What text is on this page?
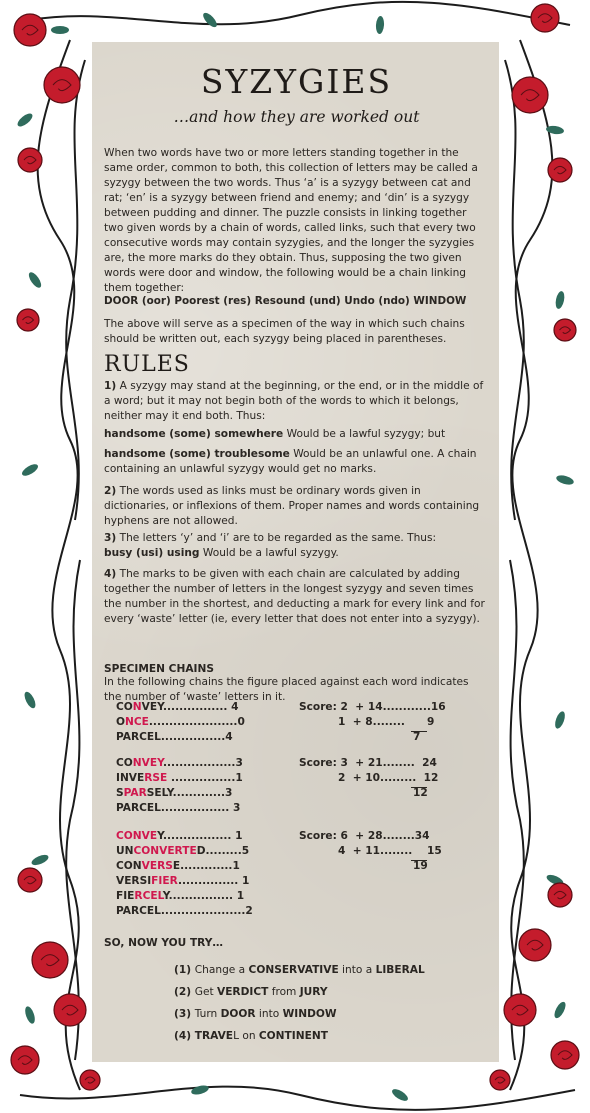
SYZYGIES
…and how they are worked out

When two words have two or more letters standing together in the same order, common to both, this collection of letters may be called a syzygy between the two words. Thus ‘a’ is a syzygy between cat and rat; ‘en’ is a syzygy between friend and enemy; and ‘din’ is a syzygy between pudding and dinner. The puzzle consists in linking together two given words by a chain of words, called links, such that every two consecutive words may contain syzygies, and the longer the syzygies are, the more marks do they obtain. Thus, supposing the two given words were door and window, the following would be a chain linking them together:

DOOR (oor) Poorest (res) Resound (und) Undo (ndo) WINDOW

The above will serve as a specimen of the way in which such chains should be written out, each syzygy being placed in parentheses.

RULES

1) A syzygy may stand at the beginning, or the end, or in the middle of a word; but it may not begin both of the words to which it belongs, neither may it end both. Thus:

handsome (some) somewhere Would be a lawful syzygy; but

handsome (some) troublesome Would be an unlawful one. A chain containing an unlawful syzygy would get no marks.

2) The words used as links must be ordinary words given in dictionaries, or inflexions of them. Proper names and words containing hyphens are not allowed.

3) The letters ‘y’ and ‘i’ are to be regarded as the same. Thus:
busy (usi) using Would be a lawful syzygy.

4) The marks to be given with each chain are calculated by adding together the number of letters in the longest syzygy and seven times the number in the shortest, and deducting a mark for every link and for every ‘waste’ letter (ie, every letter that does not enter into a syzygy).

SPECIMEN CHAINS

In the following chains the figure placed against each word indicates the number of ‘waste’ letters in it.

CONVEY................ 4
ONCE......................0
PARCEL................4
Score: 2  + 14............16
1  + 8........      9
7
CONVEY..................3
INVERSE ................1
SPARSELY.............3
PARCEL................. 3
Score: 3  + 21........  24
2  + 10.........  12
12
CONVEY................. 1
UNCONVERTED.........5
CONVERSE.............1
VERSIFIER............... 1
FIERCELY................ 1
PARCEL.....................2
Score: 6  + 28........34
4  + 11........    15
19

SO, NOW YOU TRY…

(1) Change a CONSERVATIVE into a LIBERAL
(2) Get VERDICT from JURY
(3) Turn DOOR into WINDOW
(4) TRAVEL on CONTINENT
